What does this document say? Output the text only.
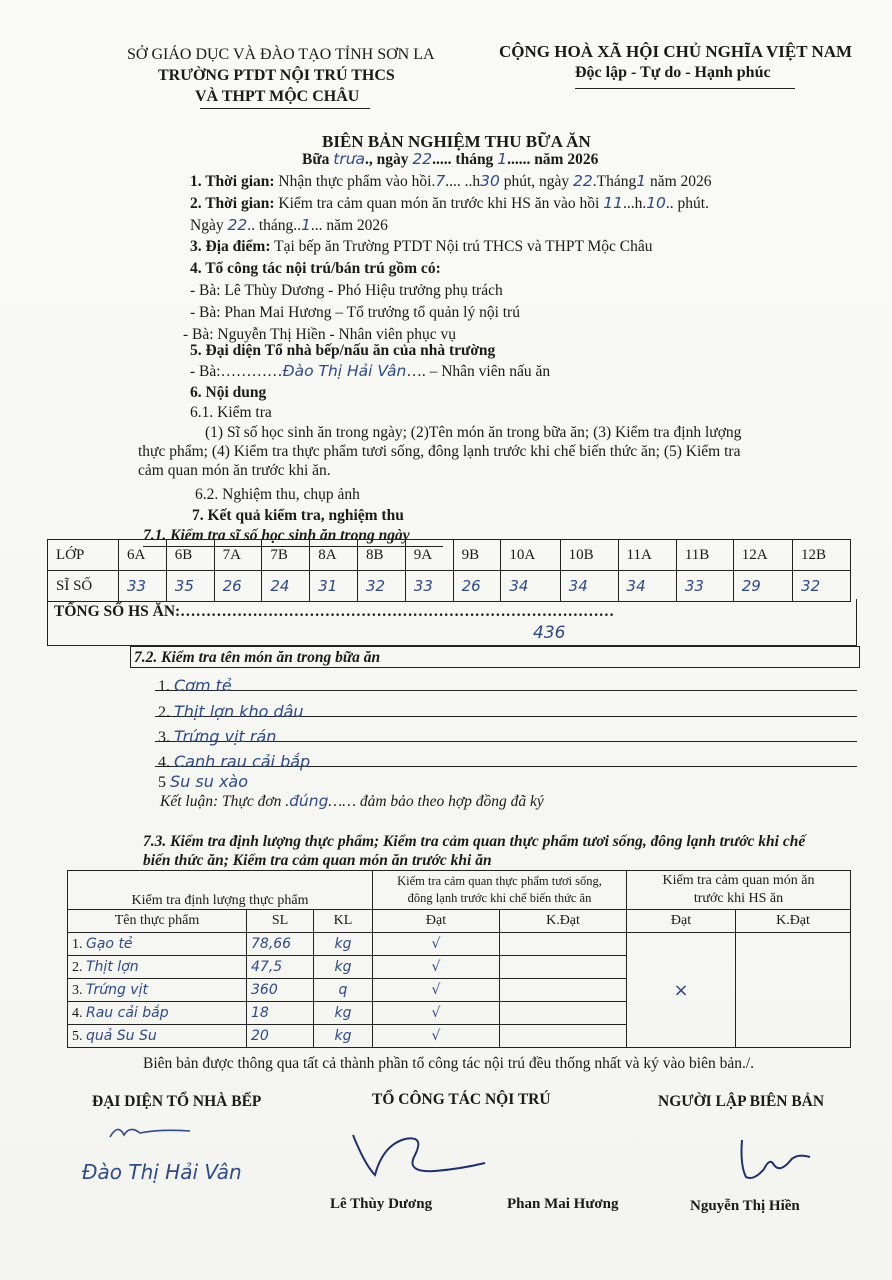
SỞ GIÁO DỤC VÀ ĐÀO TẠO TỈNH SƠN LA
TRƯỜNG PTDT NỘI TRÚ THCS
VÀ THPT MỘC CHÂU
CỘNG HOÀ XÃ HỘI CHỦ NGHĨA VIỆT NAM
Độc lập - Tự do - Hạnh phúc
BIÊN BẢN NGHIỆM THU BỮA ĂN
Bữa trưa., ngày 22..... tháng 1...... năm 2026
1. Thời gian: Nhận thực phẩm vào hồi.7.... ..h30 phút, ngày 22.Tháng1 năm 2026
2. Thời gian: Kiểm tra cảm quan món ăn trước khi HS ăn vào hồi 11...h.10.. phút.
Ngày 22.. tháng..1... năm 2026
3. Địa điểm: Tại bếp ăn Trường PTDT Nội trú THCS và THPT Mộc Châu
4. Tổ công tác nội trú/bán trú gồm có:
- Bà: Lê Thùy Dương - Phó Hiệu trưởng phụ trách
- Bà: Phan Mai Hương – Tổ trưởng tổ quản lý nội trú
- Bà: Nguyễn Thị Hiền - Nhân viên phục vụ
5. Đại diện Tổ nhà bếp/nấu ăn của nhà trường
- Bà:…………Đào Thị Hải Vân…. – Nhân viên nấu ăn
6. Nội dung
6.1. Kiểm tra
(1) Sĩ số học sinh ăn trong ngày; (2)Tên món ăn trong bữa ăn; (3) Kiểm tra định lượng
thực phẩm; (4) Kiểm tra thực phẩm tươi sống, đông lạnh trước khi chế biến thức ăn; (5) Kiểm tra
cảm quan món ăn trước khi ăn.
6.2. Nghiệm thu, chụp ảnh
7. Kết quả kiểm tra, nghiệm thu
7.1. Kiểm tra sĩ số học sinh ăn trong ngày
LỚP	6A	6B	7A	7B	8A	8B	9A	9B	10A	10B	11A	11B	12A	12B
SĨ SỐ	33	35	26	24	31	32	33	26	34	34	34	33	29	32
TỔNG SỐ HS ĂN:…………………………………………………………………………
436
7.2. Kiểm tra tên món ăn trong bữa ăn
1. Cơm tẻ
2. Thịt lợn kho dâu
3. Trứng vịt rán
4. Canh rau cải bắp
5 Su su xào
Kết luận: Thực đơn .đúng…… đảm bảo theo hợp đồng đã ký
7.3. Kiểm tra định lượng thực phẩm; Kiểm tra cảm quan thực phẩm tươi sống, đông lạnh trước khi chế
biến thức ăn; Kiểm tra cảm quan món ăn trước khi ăn
Kiểm tra định lượng thực phẩm			Kiểm tra cảm quan thực phẩm tươi sống,
đông lạnh trước khi chế biến thức ăn		Kiểm tra cảm quan món ăn
trước khi HS ăn	
Tên thực phẩm	SL	KL	Đạt	K.Đạt	Đạt	K.Đạt
1. Gạo tẻ	78,66	kg	√		×	
2. Thịt lợn	47,5	kg	√			
3. Trứng vịt	360	q	√			
4. Rau cải bắp	18	kg	√			
5. quả Su Su	20	kg	√			
Biên bản được thông qua tất cả thành phần tổ công tác nội trú đều thống nhất và ký vào biên bản./.
ĐẠI DIỆN TỔ NHÀ BẾP	TỔ CÔNG TÁC NỘI TRÚ	NGƯỜI LẬP BIÊN BẢN
Đào Thị Hải Vân
Lê Thùy Dương	Phan Mai Hương	Nguyễn Thị Hiền
